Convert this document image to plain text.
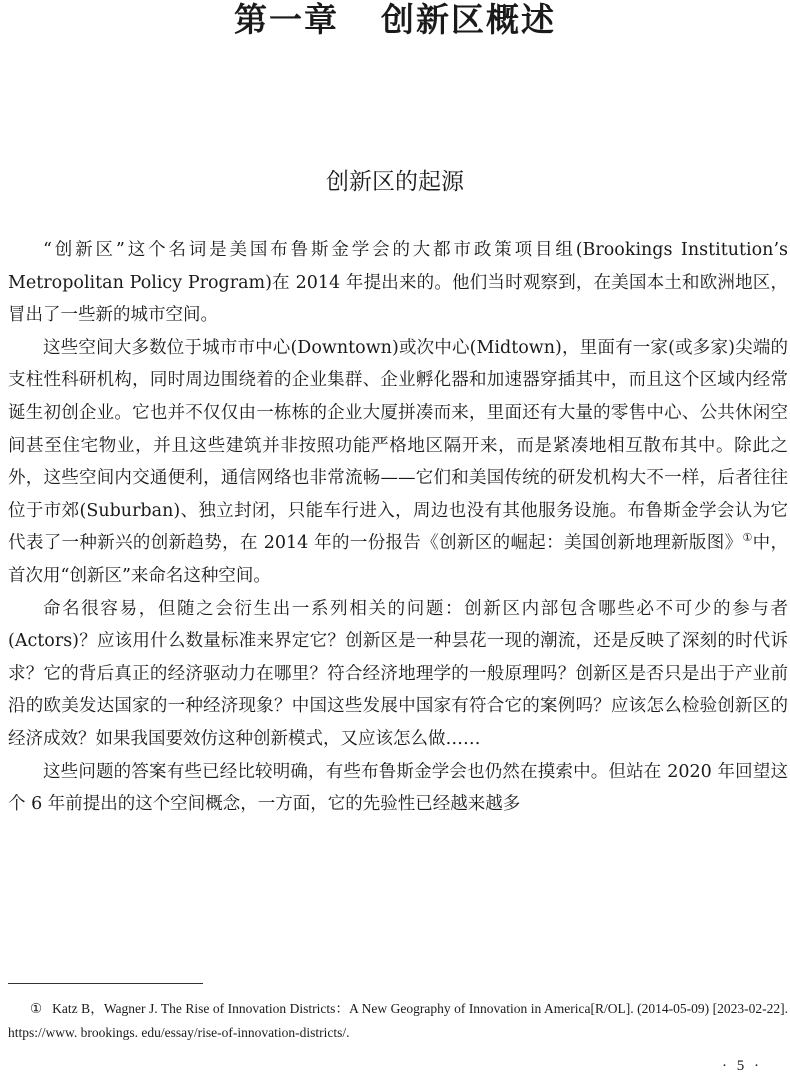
第一章 创新区概述
创新区的起源

“创新区”这个名词是美国布鲁斯金学会的大都市政策项目组(Brookings Institution’s Metropolitan Policy Program)在 2014 年提出来的。他们当时观察到，在美国本土和欧洲地区，冒出了一些新的城市空间。

这些空间大多数位于城市市中心(Downtown)或次中心(Midtown)，里面有一家(或多家)尖端的支柱性科研机构，同时周边围绕着的企业集群、企业孵化器和加速器穿插其中，而且这个区域内经常诞生初创企业。它也并不仅仅由一栋栋的企业大厦拼凑而来，里面还有大量的零售中心、公共休闲空间甚至住宅物业，并且这些建筑并非按照功能严格地区隔开来，而是紧凑地相互散布其中。除此之外，这些空间内交通便利，通信网络也非常流畅——它们和美国传统的研发机构大不一样，后者往往位于市郊(Suburban)、独立封闭，只能车行进入，周边也没有其他服务设施。布鲁斯金学会认为它代表了一种新兴的创新趋势，在 2014 年的一份报告《创新区的崛起：美国创新地理新版图》①中，首次用“创新区”来命名这种空间。

命名很容易，但随之会衍生出一系列相关的问题：创新区内部包含哪些必不可少的参与者(Actors)？应该用什么数量标准来界定它？创新区是一种昙花一现的潮流，还是反映了深刻的时代诉求？它的背后真正的经济驱动力在哪里？符合经济地理学的一般原理吗？创新区是否只是出于产业前沿的欧美发达国家的一种经济现象？中国这些发展中国家有符合它的案例吗？应该怎么检验创新区的经济成效？如果我国要效仿这种创新模式，又应该怎么做……

这些问题的答案有些已经比较明确，有些布鲁斯金学会也仍然在摸索中。但站在 2020 年回望这个 6 年前提出的这个空间概念，一方面，它的先验性已经越来越多

① Katz B，Wagner J. The Rise of Innovation Districts：A New Geography of Innovation in America[R/OL]. (2014-05-09) [2023-02-22]. https://www. brookings. edu/essay/rise-of-innovation-districts/.
· 5 ·
